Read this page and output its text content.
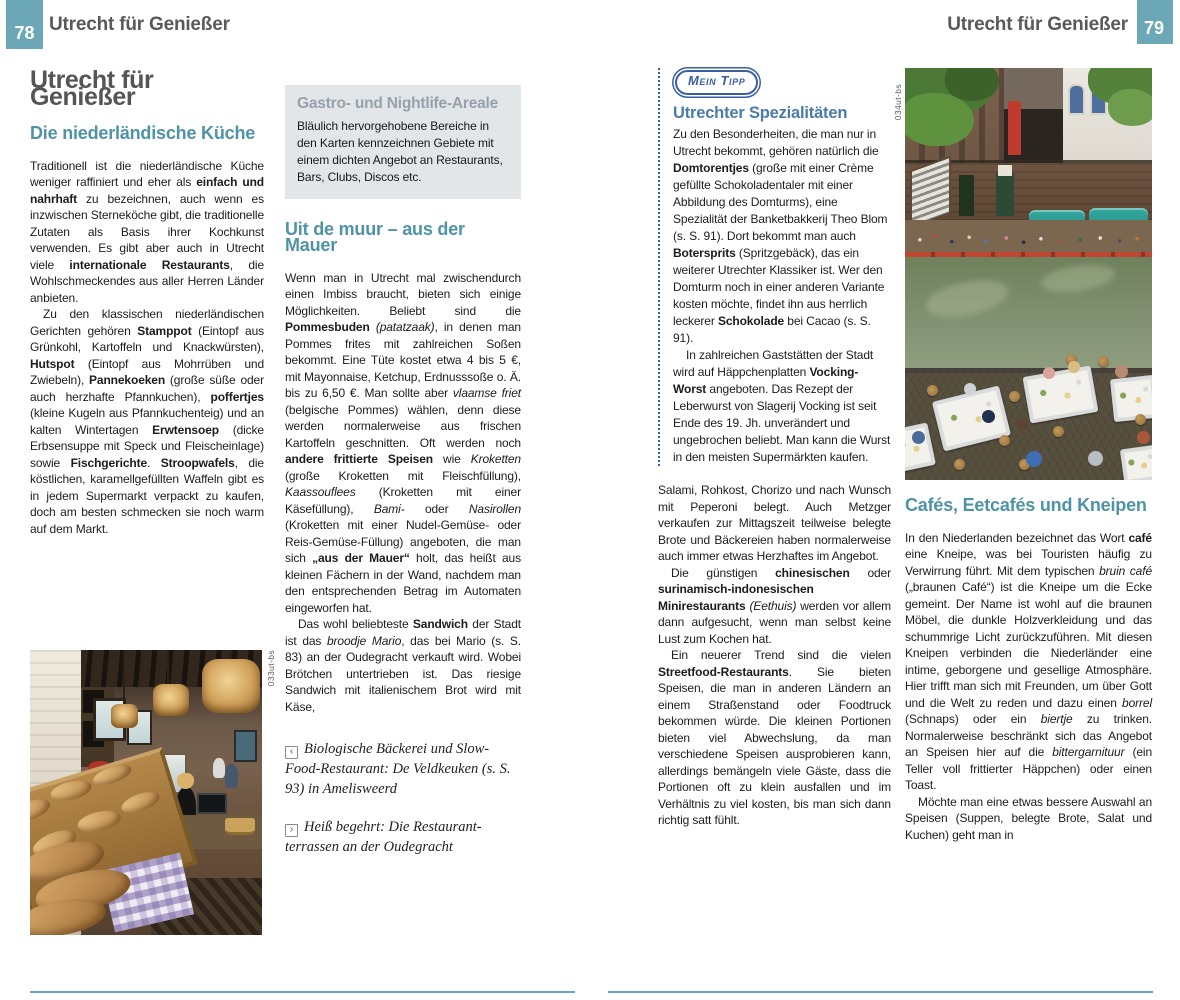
78 Utrecht für Genießer	Utrecht für Genießer 79
Utrecht für Genießer
Die niederländische Küche

Traditionell ist die niederländische Küche weniger raffiniert und eher als einfach und nahrhaft zu bezeichnen, auch wenn es inzwischen Sterneköche gibt, die traditionelle Zutaten als Basis ihrer Kochkunst verwenden. Es gibt aber auch in Utrecht viele internationale Restaurants, die Wohlschmeckendes aus aller Herren Länder anbieten.

Zu den klassischen niederländischen Gerichten gehören Stamppot (Eintopf aus Grünkohl, Kartoffeln und Knackwürsten), Hutspot (Eintopf aus Mohrrüben und Zwiebeln), Pannekoeken (große süße oder auch herzhafte Pfannkuchen), poffertjes (kleine Kugeln aus Pfannkuchenteig) und an kalten Wintertagen Erwtensoep (dicke Erbsensuppe mit Speck und Fleischeinlage) sowie Fischgerichte. Stroopwafels, die köstlichen, karamellgefüllten Waffeln gibt es in jedem Supermarkt verpackt zu kaufen, doch am besten schmecken sie noch warm auf dem Markt.

Gastro- und Nightlife-Areale

Bläulich hervorgehobene Bereiche in den Karten kennzeichnen Gebiete mit einem dichten Angebot an Restaurants, Bars, Clubs, Discos etc.

Uit de muur – aus der Mauer

Wenn man in Utrecht mal zwischendurch einen Imbiss braucht, bieten sich einige Möglichkeiten. Beliebt sind die Pommesbuden (patatzaak), in denen man Pommes frites mit zahlreichen Soßen bekommt. Eine Tüte kostet etwa 4 bis 5 €, mit Mayonnaise, Ketchup, Erdnusssoße o. Ä. bis zu 6,50 €. Man sollte aber vlaamse friet (belgische Pommes) wählen, denn diese werden normalerweise aus frischen Kartoffeln geschnitten. Oft werden noch andere frittierte Speisen wie Kroketten (große Kroketten mit Fleischfüllung), Kaassouflees (Kroketten mit einer Käsefüllung), Bami- oder Nasirollen (Kroketten mit einer Nudel-Gemüse- oder Reis-Gemüse-Füllung) angeboten, die man sich „aus der Mauer“ holt, das heißt aus kleinen Fächern in der Wand, nachdem man den entsprechenden Betrag im Automaten eingeworfen hat.

Das wohl beliebteste Sandwich der Stadt ist das broodje Mario, das bei Mario (s. S. 83) an der Oudegracht verkauft wird. Wobei Brötchen untertrieben ist. Das riesige Sandwich mit italienischem Brot wird mit Käse,

‹ Biologische Bäckerei und Slow-Food-Restaurant: De Veldkeuken (s. S. 93) in Amelisweerd

› Heiß begehrt: Die Restaurantterrassen an der Oudegracht

Mein Tipp
Utrechter Spezialitäten

Zu den Besonderheiten, die man nur in Utrecht bekommt, gehören natürlich die Domtorentjes (große mit einer Crème gefüllte Schokoladentaler mit einer Abbildung des Domturms), eine Spezialität der Banketbakkerij Theo Blom (s. S. 91). Dort bekommt man auch Botersprits (Spritzgebäck), das ein weiterer Utrechter Klassiker ist. Wer den Domturm noch in einer anderen Variante kosten möchte, findet ihn aus herrlich leckerer Schokolade bei Cacao (s. S. 91).

In zahlreichen Gaststätten der Stadt wird auf Häppchenplatten Vocking-Worst angeboten. Das Rezept der Leberwurst von Slagerij Vocking ist seit Ende des 19. Jh. unverändert und ungebrochen beliebt. Man kann die Wurst in den meisten Supermärkten kaufen.

Salami, Rohkost, Chorizo und nach Wunsch mit Peperoni belegt. Auch Metzger verkaufen zur Mittagszeit teilweise belegte Brote und Bäckereien haben normalerweise auch immer etwas Herzhaftes im Angebot.

Die günstigen chinesischen oder surinamisch-indonesischen Minirestaurants (Eethuis) werden vor allem dann aufgesucht, wenn man selbst keine Lust zum Kochen hat.

Ein neuerer Trend sind die vielen Streetfood-Restaurants. Sie bieten Speisen, die man in anderen Ländern an einem Straßenstand oder Foodtruck bekommen würde. Die kleinen Portionen bieten viel Abwechslung, da man verschiedene Speisen ausprobieren kann, allerdings bemängeln viele Gäste, dass die Portionen oft zu klein ausfallen und im Verhältnis zu viel kosten, bis man sich dann richtig satt fühlt.

Cafés, Eetcafés und Kneipen

In den Niederlanden bezeichnet das Wort café eine Kneipe, was bei Touristen häufig zu Verwirrung führt. Mit dem typischen bruin café („braunen Café“) ist die Kneipe um die Ecke gemeint. Der Name ist wohl auf die braunen Möbel, die dunkle Holzverkleidung und das schummrige Licht zurückzuführen. Mit diesen Kneipen verbinden die Niederländer eine intime, geborgene und gesellige Atmosphäre. Hier trifft man sich mit Freunden, um über Gott und die Welt zu reden und dazu einen borrel (Schnaps) oder ein biertje zu trinken. Normalerweise beschränkt sich das Angebot an Speisen hier auf die bittergarnituur (ein Teller voll frittierter Häppchen) oder einen Toast.

Möchte man eine etwas bessere Auswahl an Speisen (Suppen, belegte Brote, Salat und Kuchen) geht man in

033ut-bs
034ut-bs
